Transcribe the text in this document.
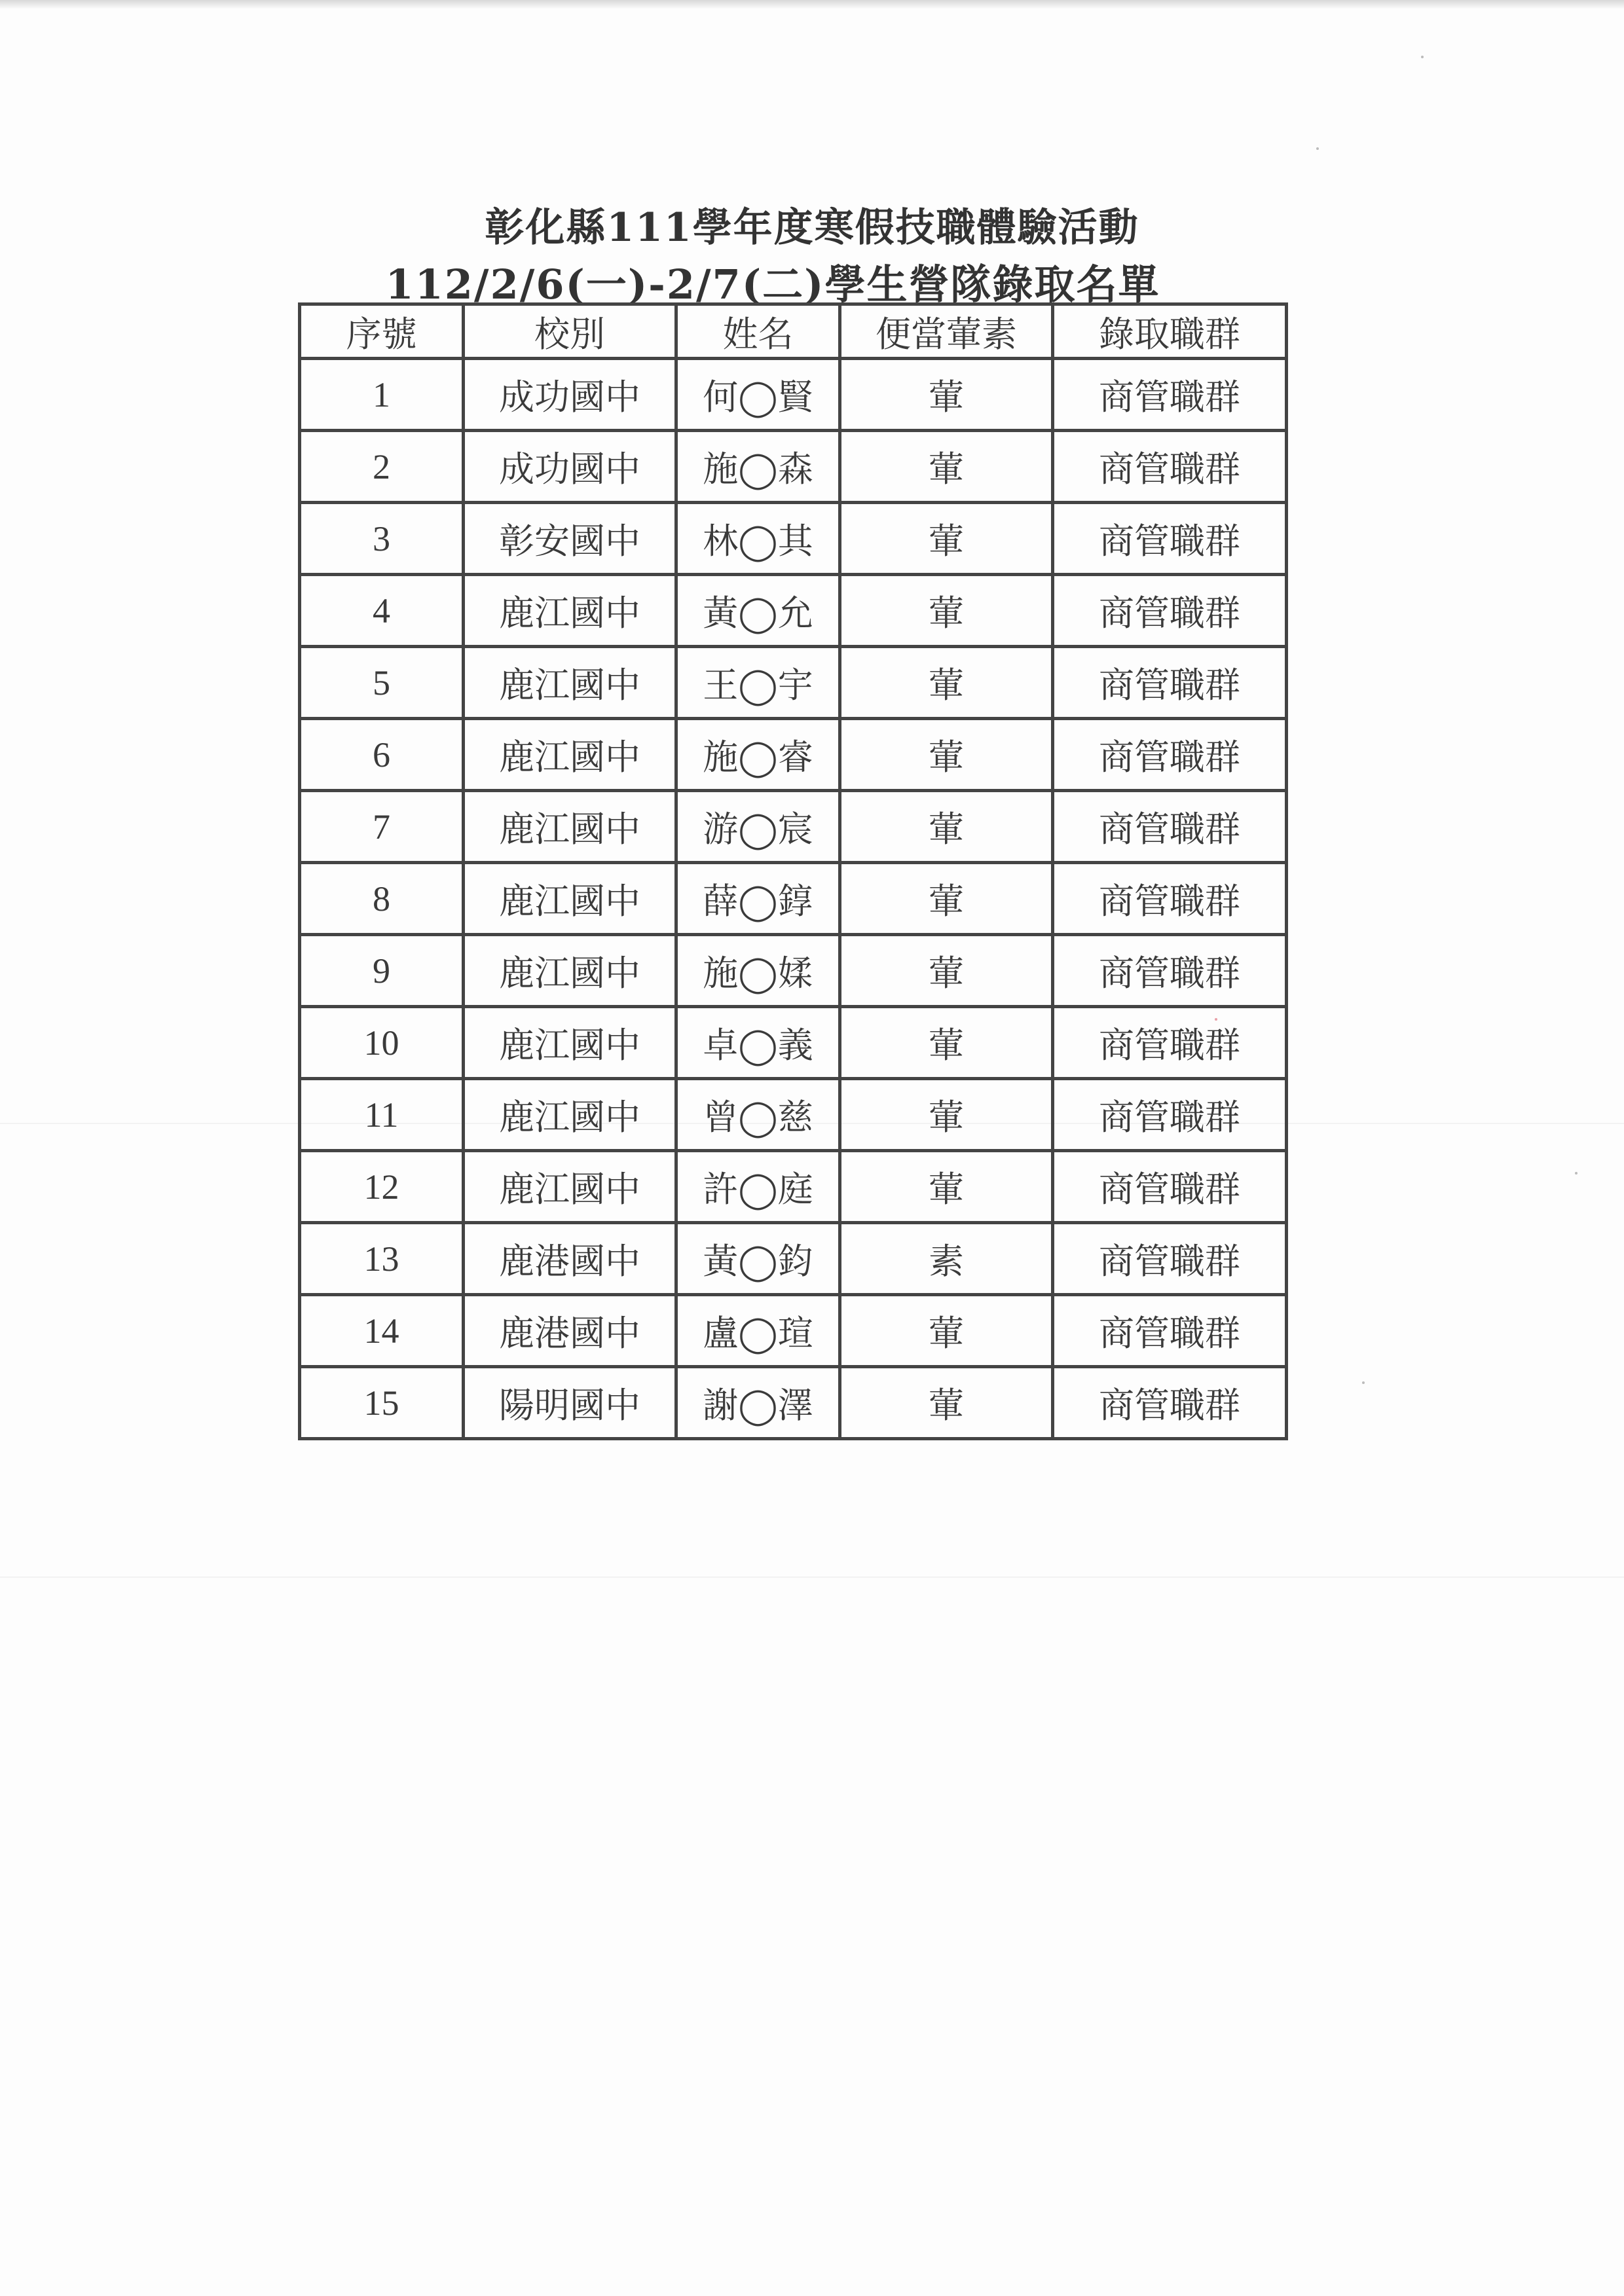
彰化縣111學年度寒假技職體驗活動
112/2/6(一)-2/7(二)學生營隊錄取名單
序號	校別	姓名	便當葷素	錄取職群
1	成功國中	何◯賢	葷	商管職群
2	成功國中	施◯森	葷	商管職群
3	彰安國中	林◯其	葷	商管職群
4	鹿江國中	黃◯允	葷	商管職群
5	鹿江國中	王◯宇	葷	商管職群
6	鹿江國中	施◯睿	葷	商管職群
7	鹿江國中	游◯宸	葷	商管職群
8	鹿江國中	薛◯錞	葷	商管職群
9	鹿江國中	施◯媃	葷	商管職群
10	鹿江國中	卓◯義	葷	商管職群
11	鹿江國中	曾◯慈	葷	商管職群
12	鹿江國中	許◯庭	葷	商管職群
13	鹿港國中	黃◯鈞	素	商管職群
14	鹿港國中	盧◯瑄	葷	商管職群
15	陽明國中	謝◯澤	葷	商管職群
